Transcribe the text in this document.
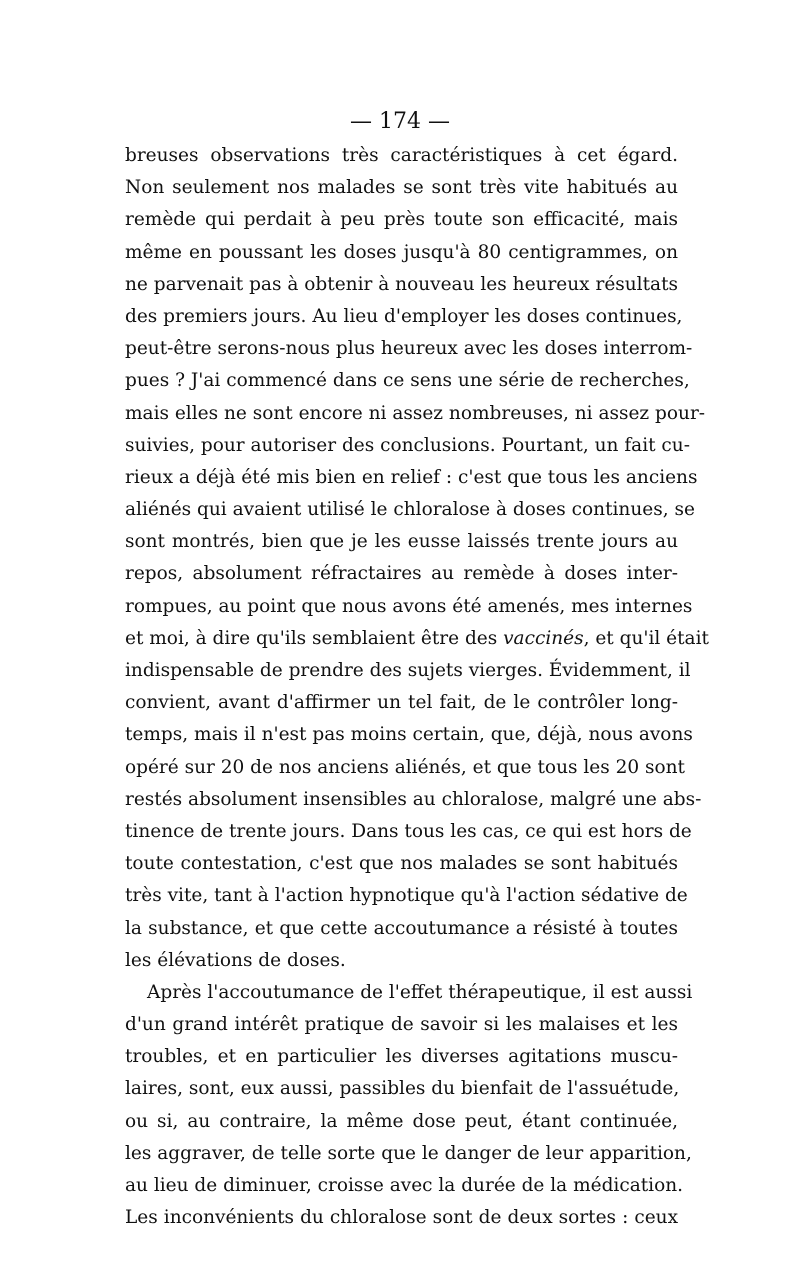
— 174 —
breuses observations très caractéristiques à cet égard.
Non seulement nos malades se sont très vite habitués au
remède qui perdait à peu près toute son efficacité, mais
même en poussant les doses jusqu'à 80 centigrammes, on
ne parvenait pas à obtenir à nouveau les heureux résultats
des premiers jours. Au lieu d'employer les doses continues,
peut-être serons-nous plus heureux avec les doses interrom-
pues ? J'ai commencé dans ce sens une série de recherches,
mais elles ne sont encore ni assez nombreuses, ni assez pour-
suivies, pour autoriser des conclusions. Pourtant, un fait cu-
rieux a déjà été mis bien en relief : c'est que tous les anciens
aliénés qui avaient utilisé le chloralose à doses continues, se
sont montrés, bien que je les eusse laissés trente jours au
repos, absolument réfractaires au remède à doses inter-
rompues, au point que nous avons été amenés, mes internes
et moi, à dire qu'ils semblaient être des vaccinés, et qu'il était
indispensable de prendre des sujets vierges. Évidemment, il
convient, avant d'affirmer un tel fait, de le contrôler long-
temps, mais il n'est pas moins certain, que, déjà, nous avons
opéré sur 20 de nos anciens aliénés, et que tous les 20 sont
restés absolument insensibles au chloralose, malgré une abs-
tinence de trente jours. Dans tous les cas, ce qui est hors de
toute contestation, c'est que nos malades se sont habitués
très vite, tant à l'action hypnotique qu'à l'action sédative de
la substance, et que cette accoutumance a résisté à toutes
les élévations de doses.
Après l'accoutumance de l'effet thérapeutique, il est aussi
d'un grand intérêt pratique de savoir si les malaises et les
troubles, et en particulier les diverses agitations muscu-
laires, sont, eux aussi, passibles du bienfait de l'assuétude,
ou si, au contraire, la même dose peut, étant continuée,
les aggraver, de telle sorte que le danger de leur apparition,
au lieu de diminuer, croisse avec la durée de la médication.
Les inconvénients du chloralose sont de deux sortes : ceux
